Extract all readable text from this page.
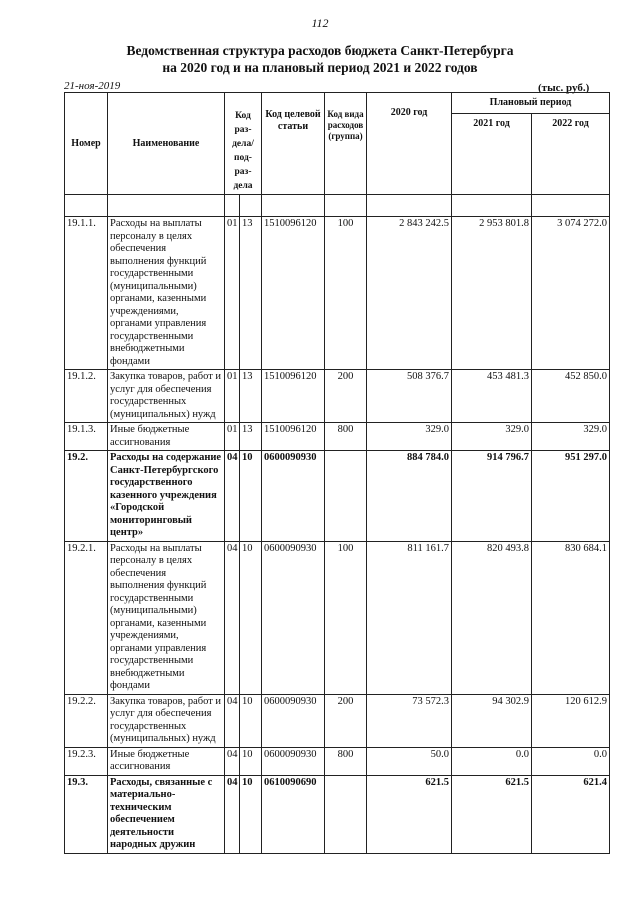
112
Ведомственная структура расходов бюджета Санкт-Петербурга
на 2020 год и на плановый период 2021 и 2022 годов
21-ноя-2019	(тыс. руб.)
Номер	Наименование	Код раз-дела/ под-раз-дела		Код целевой статьи	Код вида расходов (группа)	2020 год	Плановый период	
							2021 год	2022 год

19.1.1.	Расходы на выплаты персоналу в целях обеспечения выполнения функций государственными (муниципальными) органами, казенными учреждениями, органами управления государственными внебюджетными фондами	01	13	1510096120	100	2 843 242.5	2 953 801.8	3 074 272.0
19.1.2.	Закупка товаров, работ и услуг для обеспечения государственных (муниципальных) нужд	01	13	1510096120	200	508 376.7	453 481.3	452 850.0
19.1.3.	Иные бюджетные ассигнования	01	13	1510096120	800	329.0	329.0	329.0
19.2.	Расходы на содержание Санкт-Петербургского государственного казенного учреждения «Городской мониторинговый центр»	04	10	0600090930		884 784.0	914 796.7	951 297.0
19.2.1.	Расходы на выплаты персоналу в целях обеспечения выполнения функций государственными (муниципальными) органами, казенными учреждениями, органами управления государственными внебюджетными фондами	04	10	0600090930	100	811 161.7	820 493.8	830 684.1
19.2.2.	Закупка товаров, работ и услуг для обеспечения государственных (муниципальных) нужд	04	10	0600090930	200	73 572.3	94 302.9	120 612.9
19.2.3.	Иные бюджетные ассигнования	04	10	0600090930	800	50.0	0.0	0.0
19.3.	Расходы, связанные с материально-техническим обеспечением деятельности народных дружин	04	10	0610090690		621.5	621.5	621.4
